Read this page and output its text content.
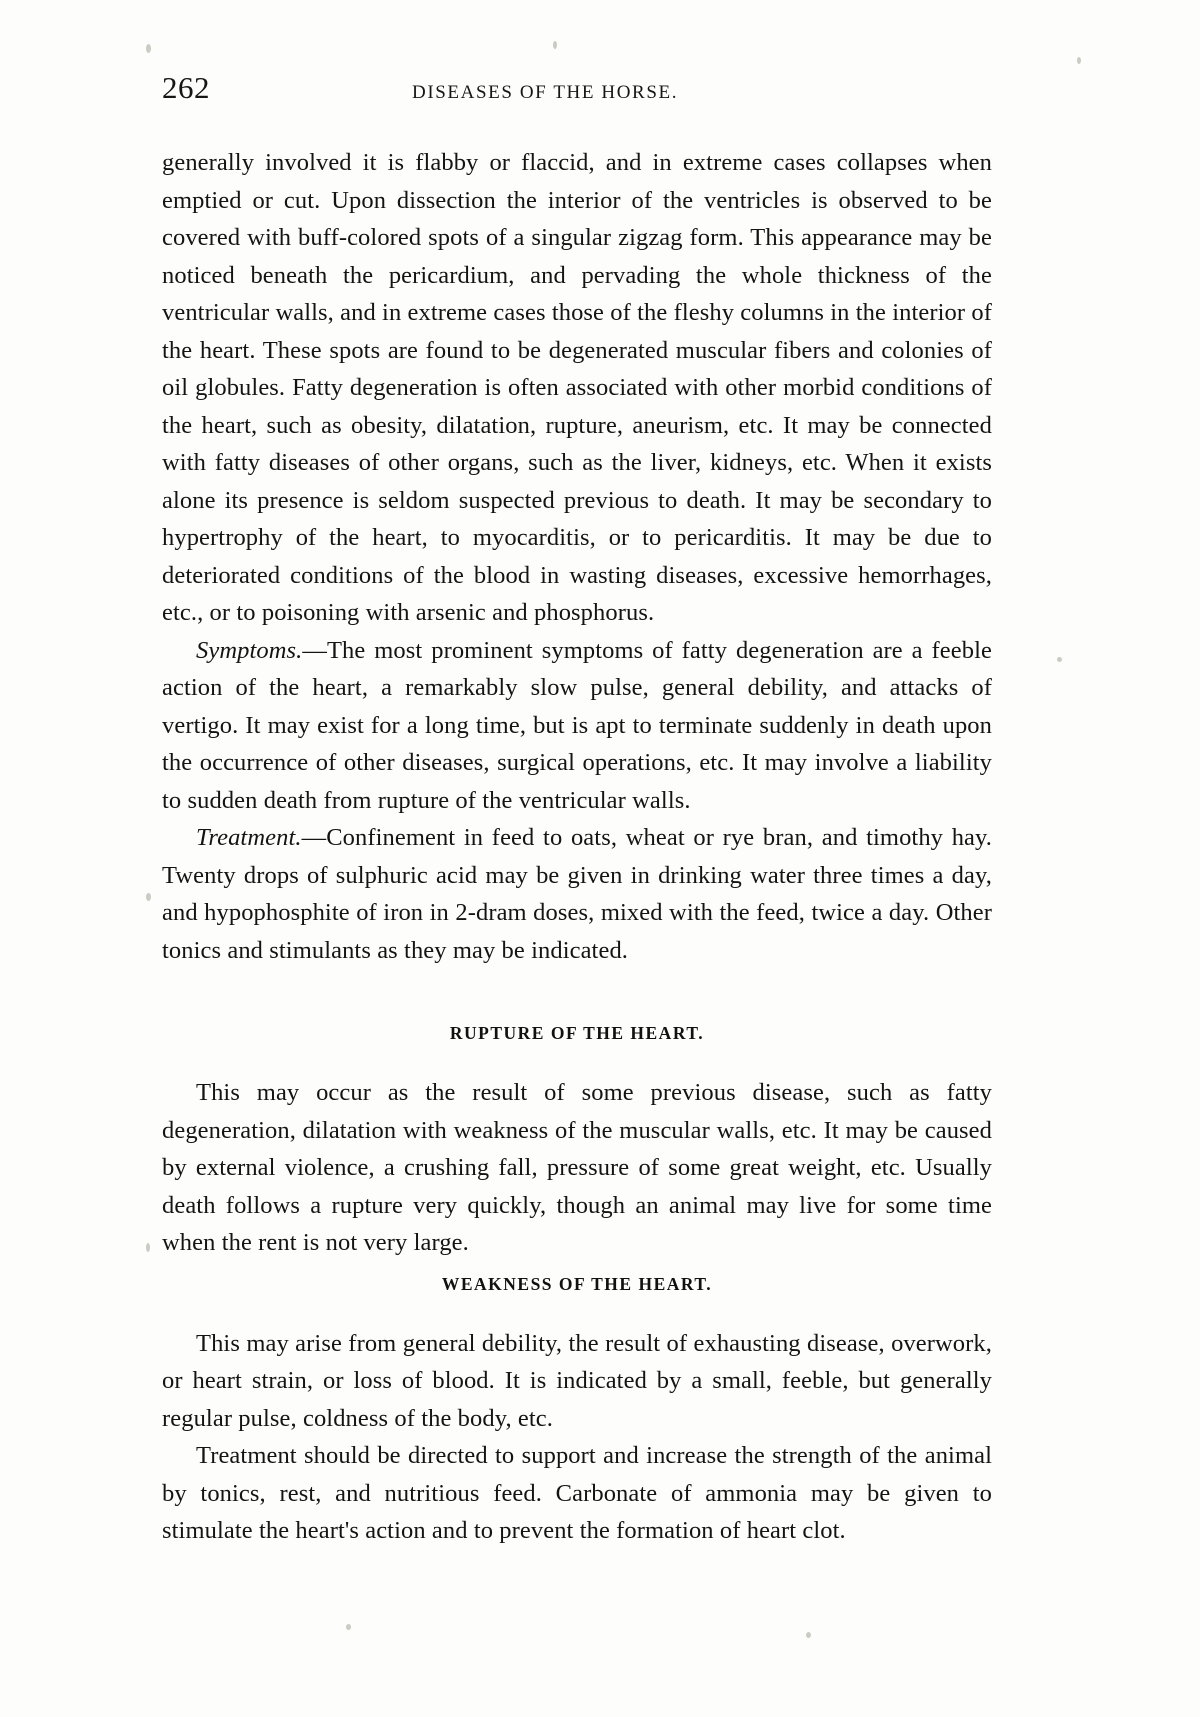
262	DISEASES OF THE HORSE.

generally involved it is flabby or flaccid, and in extreme cases collapses when emptied or cut. Upon dissection the interior of the ventricles is observed to be covered with buff-colored spots of a singular zigzag form. This appearance may be noticed beneath the pericardium, and pervading the whole thickness of the ventricular walls, and in extreme cases those of the fleshy columns in the interior of the heart. These spots are found to be degenerated muscular fibers and colonies of oil globules. Fatty degeneration is often associated with other morbid conditions of the heart, such as obesity, dilatation, rupture, aneurism, etc. It may be connected with fatty diseases of other organs, such as the liver, kidneys, etc. When it exists alone its presence is seldom suspected previous to death. It may be secondary to hypertrophy of the heart, to myocarditis, or to pericarditis. It may be due to deteriorated conditions of the blood in wasting diseases, excessive hemorrhages, etc., or to poisoning with arsenic and phosphorus.

Symptoms.—The most prominent symptoms of fatty degeneration are a feeble action of the heart, a remarkably slow pulse, general debility, and attacks of vertigo. It may exist for a long time, but is apt to terminate suddenly in death upon the occurrence of other diseases, surgical operations, etc. It may involve a liability to sudden death from rupture of the ventricular walls.

Treatment.—Confinement in feed to oats, wheat or rye bran, and timothy hay. Twenty drops of sulphuric acid may be given in drinking water three times a day, and hypophosphite of iron in 2-dram doses, mixed with the feed, twice a day. Other tonics and stimulants as they may be indicated.

RUPTURE OF THE HEART.

This may occur as the result of some previous disease, such as fatty degeneration, dilatation with weakness of the muscular walls, etc. It may be caused by external violence, a crushing fall, pressure of some great weight, etc. Usually death follows a rupture very quickly, though an animal may live for some time when the rent is not very large.

WEAKNESS OF THE HEART.

This may arise from general debility, the result of exhausting disease, overwork, or heart strain, or loss of blood. It is indicated by a small, feeble, but generally regular pulse, coldness of the body, etc.

Treatment should be directed to support and increase the strength of the animal by tonics, rest, and nutritious feed. Carbonate of ammonia may be given to stimulate the heart's action and to prevent the formation of heart clot.
